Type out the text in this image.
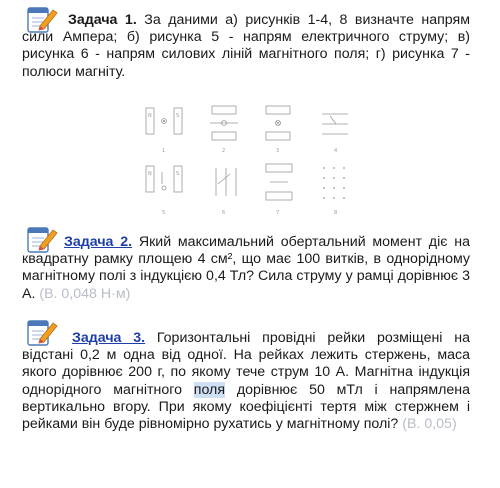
Задача 1. За даними а) рисунків 1-4, 8 визначте напрям сили Ампера; б) рисунка 5 - напрям електричного струму; в) рисунка 6 - напрям силових ліній магнітного поля; г) рисунка 7 - полюси магніту.

N	S
N	S
1	2	3	4
5	6	7	8

Задача 2. Який максимальний обертальний момент діє на квадратну рамку площею 4 см², що має 100 витків, в однорідному магнітному полі з індукцією 0,4 Тл? Сила струму у рамці дорівнює 3 А. (В. 0,048 Н·м)

Задача 3. Горизонтальні провідні рейки розміщені на відстані 0,2 м одна від одної. На рейках лежить стержень, маса якого дорівнює 200 г, по якому тече струм 10 А. Магнітна індукція однорідного магнітного поля дорівнює 50 мТл і напрямлена вертикально вгору. При якому коефіцієнті тертя між стержнем і рейками він буде рівномірно рухатись у магнітному полі? (В. 0,05)
